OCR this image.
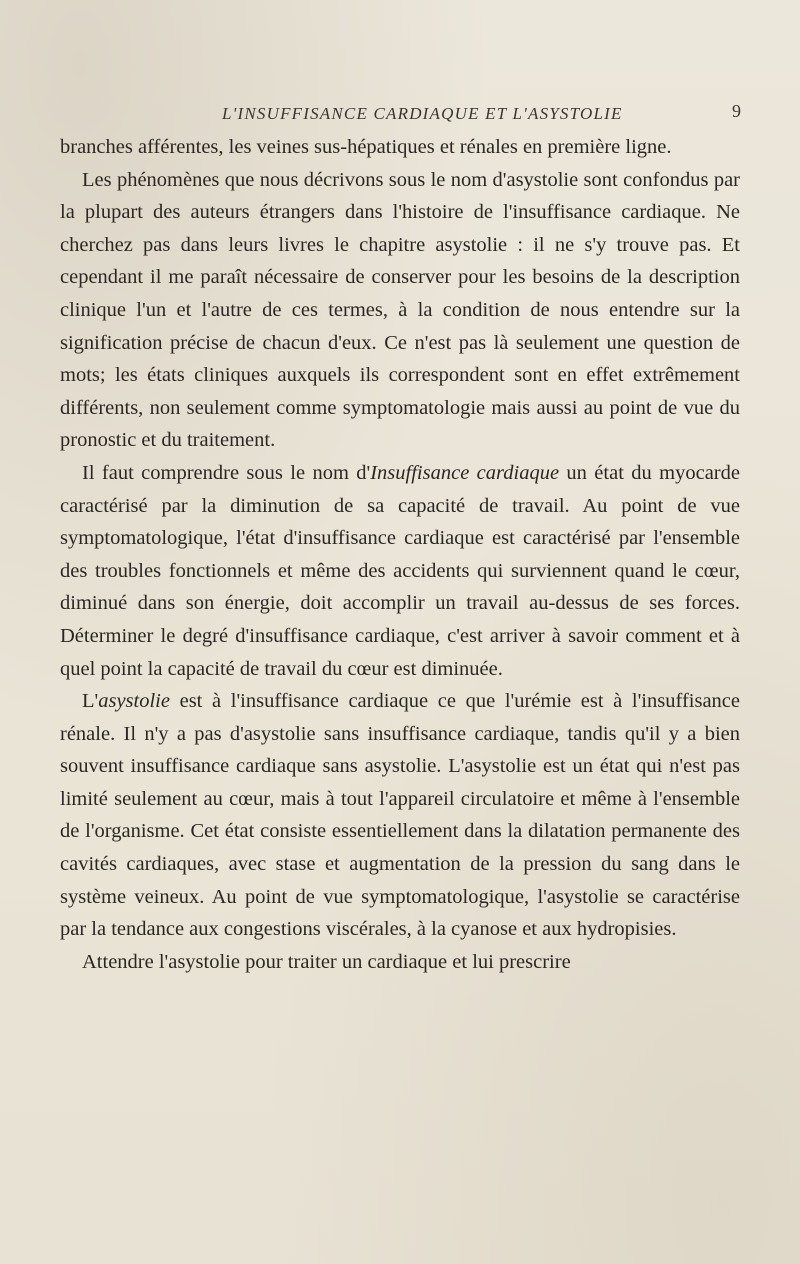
L'INSUFFISANCE CARDIAQUE ET L'ASYSTOLIE	9

branches afférentes, les veines sus-hépatiques et rénales en première ligne.

Les phénomènes que nous décrivons sous le nom d'asystolie sont confondus par la plupart des auteurs étrangers dans l'histoire de l'insuffisance cardiaque. Ne cherchez pas dans leurs livres le chapitre asystolie : il ne s'y trouve pas. Et cependant il me paraît nécessaire de conserver pour les besoins de la description clinique l'un et l'autre de ces termes, à la condition de nous entendre sur la signification précise de chacun d'eux. Ce n'est pas là seulement une question de mots; les états cliniques auxquels ils correspondent sont en effet extrêmement différents, non seulement comme symptomatologie mais aussi au point de vue du pronostic et du traitement.

Il faut comprendre sous le nom d'Insuffisance cardiaque un état du myocarde caractérisé par la diminution de sa capacité de travail. Au point de vue symptomatologique, l'état d'insuffisance cardiaque est caractérisé par l'ensemble des troubles fonctionnels et même des accidents qui surviennent quand le cœur, diminué dans son énergie, doit accomplir un travail au-dessus de ses forces. Déterminer le degré d'insuffisance cardiaque, c'est arriver à savoir comment et à quel point la capacité de travail du cœur est diminuée.

L'asystolie est à l'insuffisance cardiaque ce que l'urémie est à l'insuffisance rénale. Il n'y a pas d'asystolie sans insuffisance cardiaque, tandis qu'il y a bien souvent insuffisance cardiaque sans asystolie. L'asystolie est un état qui n'est pas limité seulement au cœur, mais à tout l'appareil circulatoire et même à l'ensemble de l'organisme. Cet état consiste essentiellement dans la dilatation permanente des cavités cardiaques, avec stase et augmentation de la pression du sang dans le système veineux. Au point de vue symptomatologique, l'asystolie se caractérise par la tendance aux congestions viscérales, à la cyanose et aux hydropisies.

Attendre l'asystolie pour traiter un cardiaque et lui prescrire
